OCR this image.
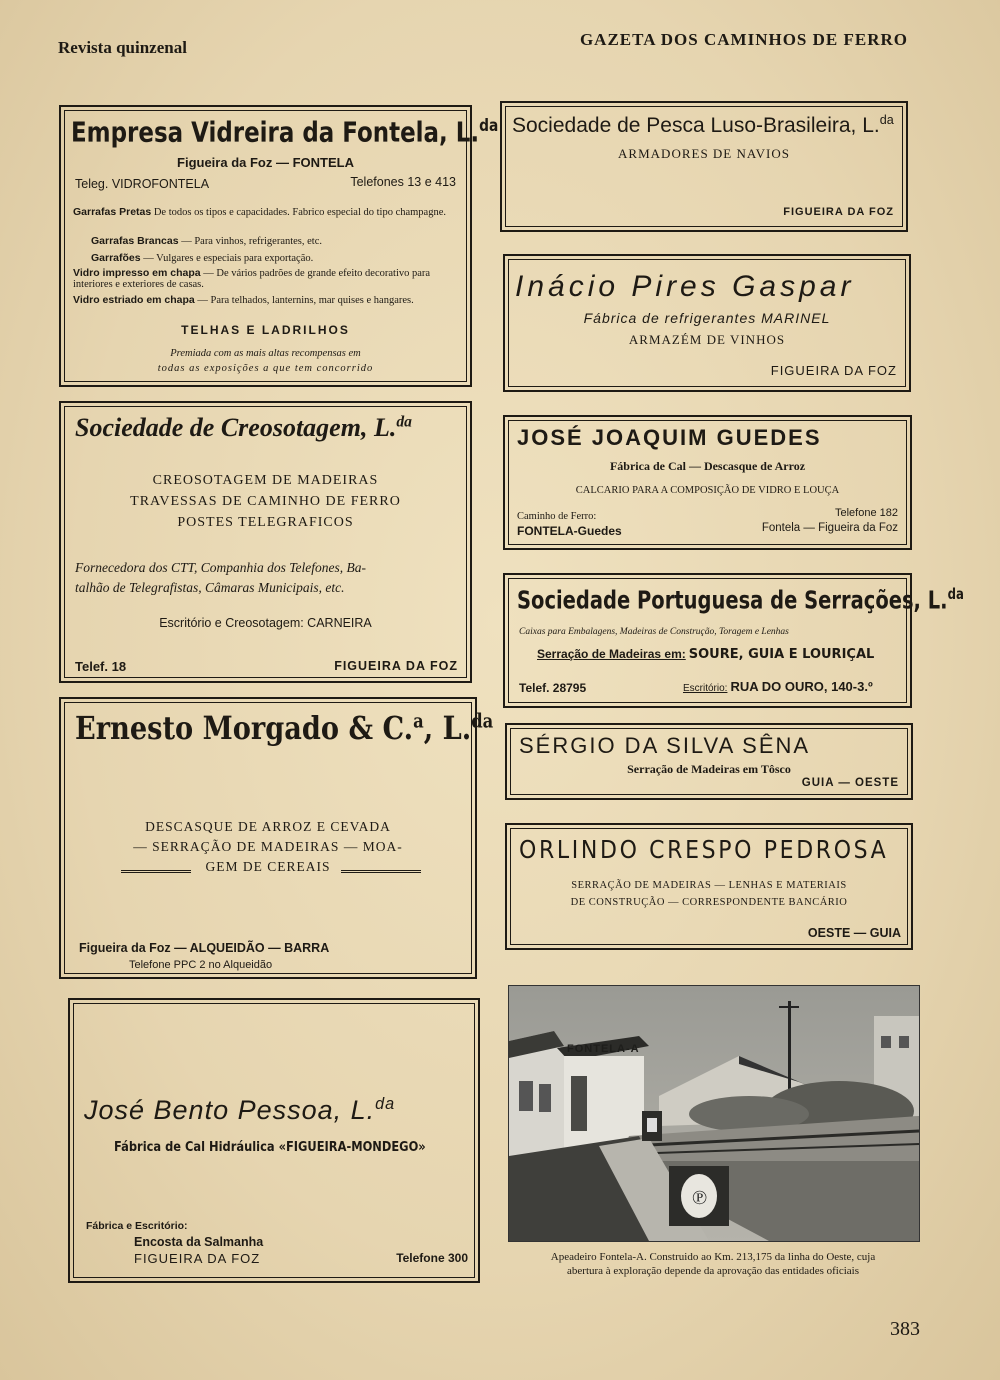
Revista quinzenal	GAZETA DOS CAMINHOS DE FERRO
Empresa Vidreira da Fontela, L.$^{da}$
Figueira da Foz — FONTELA
Teleg. VIDROFONTELA	Telefones 13 e 413
Garrafas Pretas De todos os tipos e capacidades. Fabrico especial do tipo champagne.
Garrafas Brancas — Para vinhos, refrigerantes, etc.
Garrafões — Vulgares e especiais para exportação.
Vidro impresso em chapa — De vários padrões de grande efeito decorativo para interiores e exteriores de casas.
Vidro estriado em chapa — Para telhados, lanternins, mar quises e hangares.
TELHAS E LADRILHOS
Premiada com as mais altas recompensas em
todas as exposições a que tem concorrido
Sociedade de Creosotagem, L.$^{da}$
CREOSOTAGEM DE MADEIRAS
TRAVESSAS DE CAMINHO DE FERRO
POSTES TELEGRAFICOS
Fornecedora dos CTT, Companhia dos Telefones, Ba-
talhão de Telegrafistas, Câmaras Municipais, etc.
Escritório e Creosotagem: CARNEIRA
Telef. 18	FIGUEIRA DA FOZ
Ernesto Morgado & C.$^a$, L.$^{da}$
DESCASQUE DE ARROZ E CEVADA
— SERRAÇÃO DE MADEIRAS — MOA-
GEM DE CEREAIS
Figueira da Foz — ALQUEIDÃO — BARRA
Telefone PPC 2 no Alqueidão
José Bento Pessoa, L.$^{da}$
Fábrica de Cal Hidráulica «FIGUEIRA-MONDEGO»
Fábrica e Escritório:
Encosta da Salmanha
FIGUEIRA DA FOZ	Telefone 300
Sociedade de Pesca Luso-Brasileira, L.$^{da}$
ARMADORES DE NAVIOS
FIGUEIRA DA FOZ
Inácio Pires Gaspar
Fábrica de refrigerantes MARINEL
ARMAZÉM DE VINHOS
FIGUEIRA DA FOZ
JOSÉ JOAQUIM GUEDES
Fábrica de Cal — Descasque de Arroz
CALCARIO PARA A COMPOSIÇÃO DE VIDRO E LOUÇA
Caminho de Ferro:
FONTELA-Guedes
Telefone 182
Fontela — Figueira da Foz
Sociedade Portuguesa de Serrações, L.$^{da}$
Caixas para Embalagens, Madeiras de Construção, Toragem e Lenhas
Serração de Madeiras em: SOURE, GUIA E LOURIÇAL
Telef. 28795	Escritório: RUA DO OURO, 140-3.º
SÉRGIO DA SILVA SÊNA
Serração de Madeiras em Tôsco
GUIA — OESTE
ORLINDO CRESPO PEDROSA
SERRAÇÃO DE MADEIRAS — LENHAS E MATERIAIS
DE CONSTRUÇÃO — CORRESPONDENTE BANCÁRIO
OESTE — GUIA
℗
FONTELA-A
Apeadeiro Fontela-A. Construido ao Km. 213,175 da linha do Oeste, cuja
abertura à exploração depende da aprovação das entidades oficiais
383
